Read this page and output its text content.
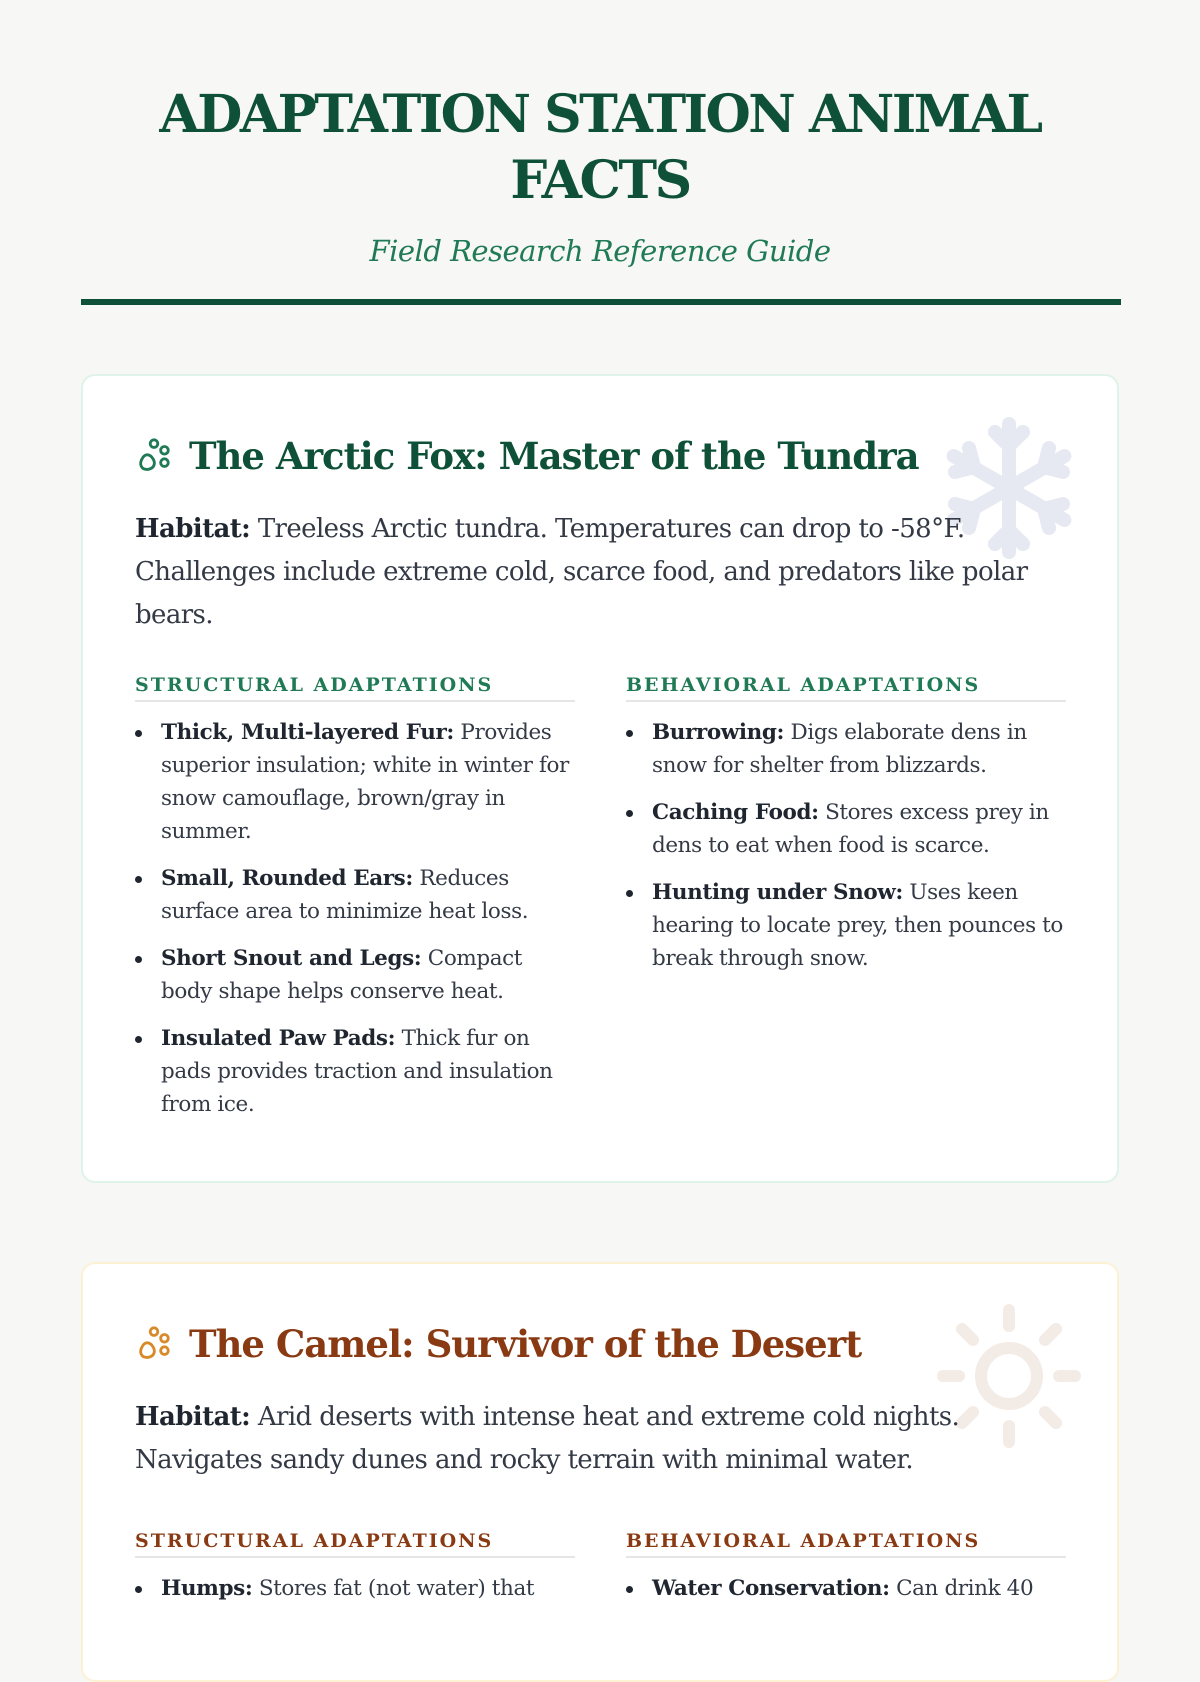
ADAPTATION STATION ANIMAL FACTS
Field Research Reference Guide
The Arctic Fox: Master of the Tundra
Habitat: Treeless Arctic tundra. Temperatures can drop to -58°F. Challenges include extreme cold, scarce food, and predators like polar bears.
STRUCTURAL ADAPTATIONS
Thick, Multi-layered Fur: Provides superior insulation; white in winter for snow camouflage, brown/gray in summer.
Small, Rounded Ears: Reduces surface area to minimize heat loss.
Short Snout and Legs: Compact body shape helps conserve heat.
Insulated Paw Pads: Thick fur on pads provides traction and insulation from ice.
BEHAVIORAL ADAPTATIONS
Burrowing: Digs elaborate dens in snow for shelter from blizzards.
Caching Food: Stores excess prey in dens to eat when food is scarce.
Hunting under Snow: Uses keen hearing to locate prey, then pounces to break through snow.
The Camel: Survivor of the Desert
Habitat: Arid deserts with intense heat and extreme cold nights. Navigates sandy dunes and rocky terrain with minimal water.
STRUCTURAL ADAPTATIONS
Humps: Stores fat (not water) that
BEHAVIORAL ADAPTATIONS
Water Conservation: Can drink 40
